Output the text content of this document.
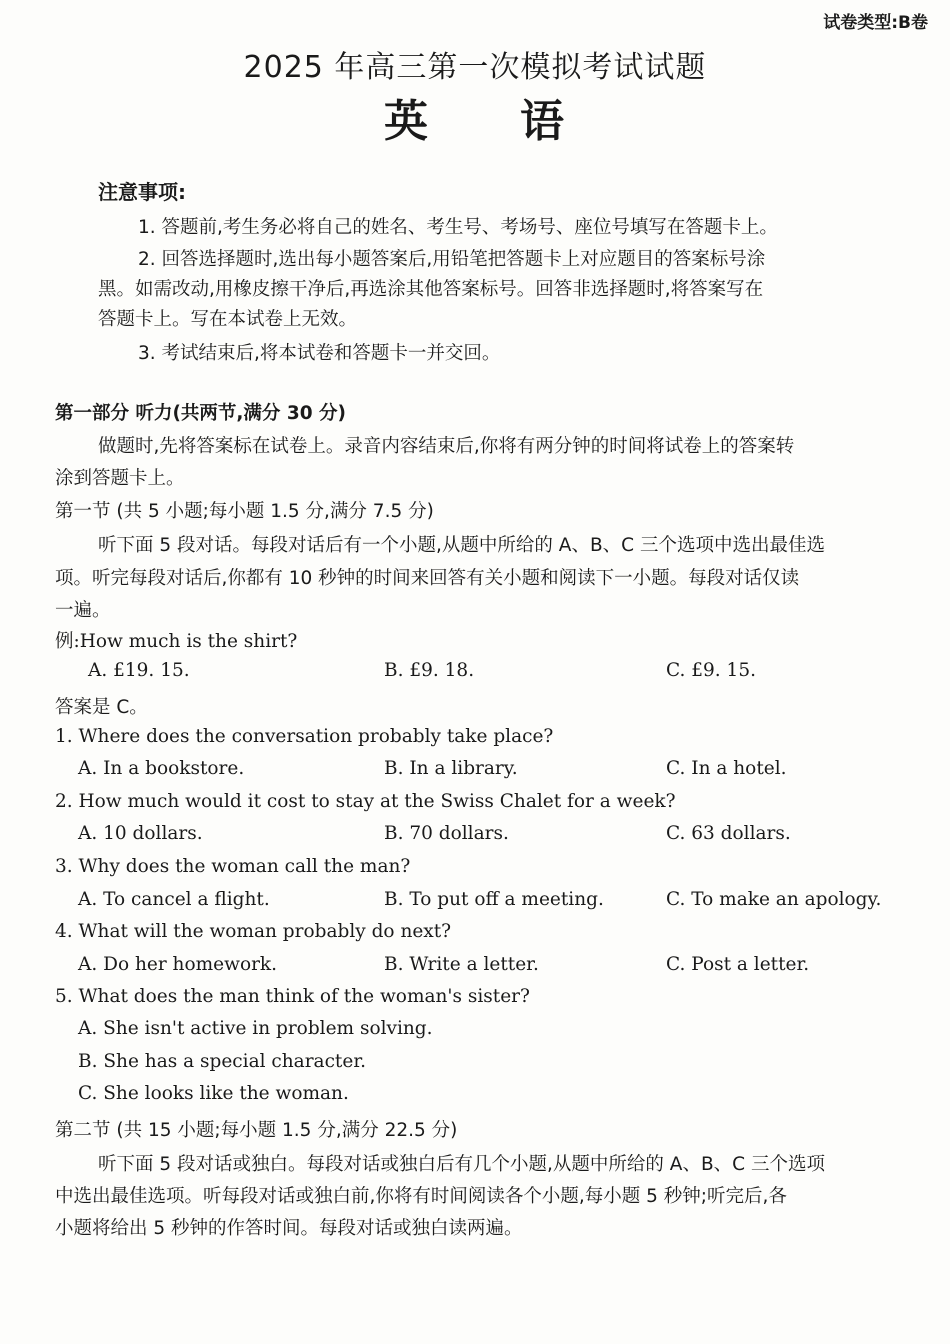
试卷类型:B卷
2025 年高三第一次模拟考试试题
英 语
注意事项:
1. 答题前,考生务必将自己的姓名、考生号、考场号、座位号填写在答题卡上。
2. 回答选择题时,选出每小题答案后,用铅笔把答题卡上对应题目的答案标号涂
黑。如需改动,用橡皮擦干净后,再选涂其他答案标号。回答非选择题时,将答案写在
答题卡上。写在本试卷上无效。
3. 考试结束后,将本试卷和答题卡一并交回。
第一部分 听力(共两节,满分 30 分)
做题时,先将答案标在试卷上。录音内容结束后,你将有两分钟的时间将试卷上的答案转
涂到答题卡上。
第一节 (共 5 小题;每小题 1.5 分,满分 7.5 分)
听下面 5 段对话。每段对话后有一个小题,从题中所给的 A、B、C 三个选项中选出最佳选
项。听完每段对话后,你都有 10 秒钟的时间来回答有关小题和阅读下一小题。每段对话仅读
一遍。
例:How much is the shirt?
A. £19. 15.	B. £9. 18.	C. £9. 15.
答案是 C。
1. Where does the conversation probably take place?
A. In a bookstore.	B. In a library.	C. In a hotel.
2. How much would it cost to stay at the Swiss Chalet for a week?
A. 10 dollars.	B. 70 dollars.	C. 63 dollars.
3. Why does the woman call the man?
A. To cancel a flight.	B. To put off a meeting.	C. To make an apology.
4. What will the woman probably do next?
A. Do her homework.	B. Write a letter.	C. Post a letter.
5. What does the man think of the woman's sister?
A. She isn't active in problem solving.
B. She has a special character.
C. She looks like the woman.
第二节 (共 15 小题;每小题 1.5 分,满分 22.5 分)
听下面 5 段对话或独白。每段对话或独白后有几个小题,从题中所给的 A、B、C 三个选项
中选出最佳选项。听每段对话或独白前,你将有时间阅读各个小题,每小题 5 秒钟;听完后,各
小题将给出 5 秒钟的作答时间。每段对话或独白读两遍。
